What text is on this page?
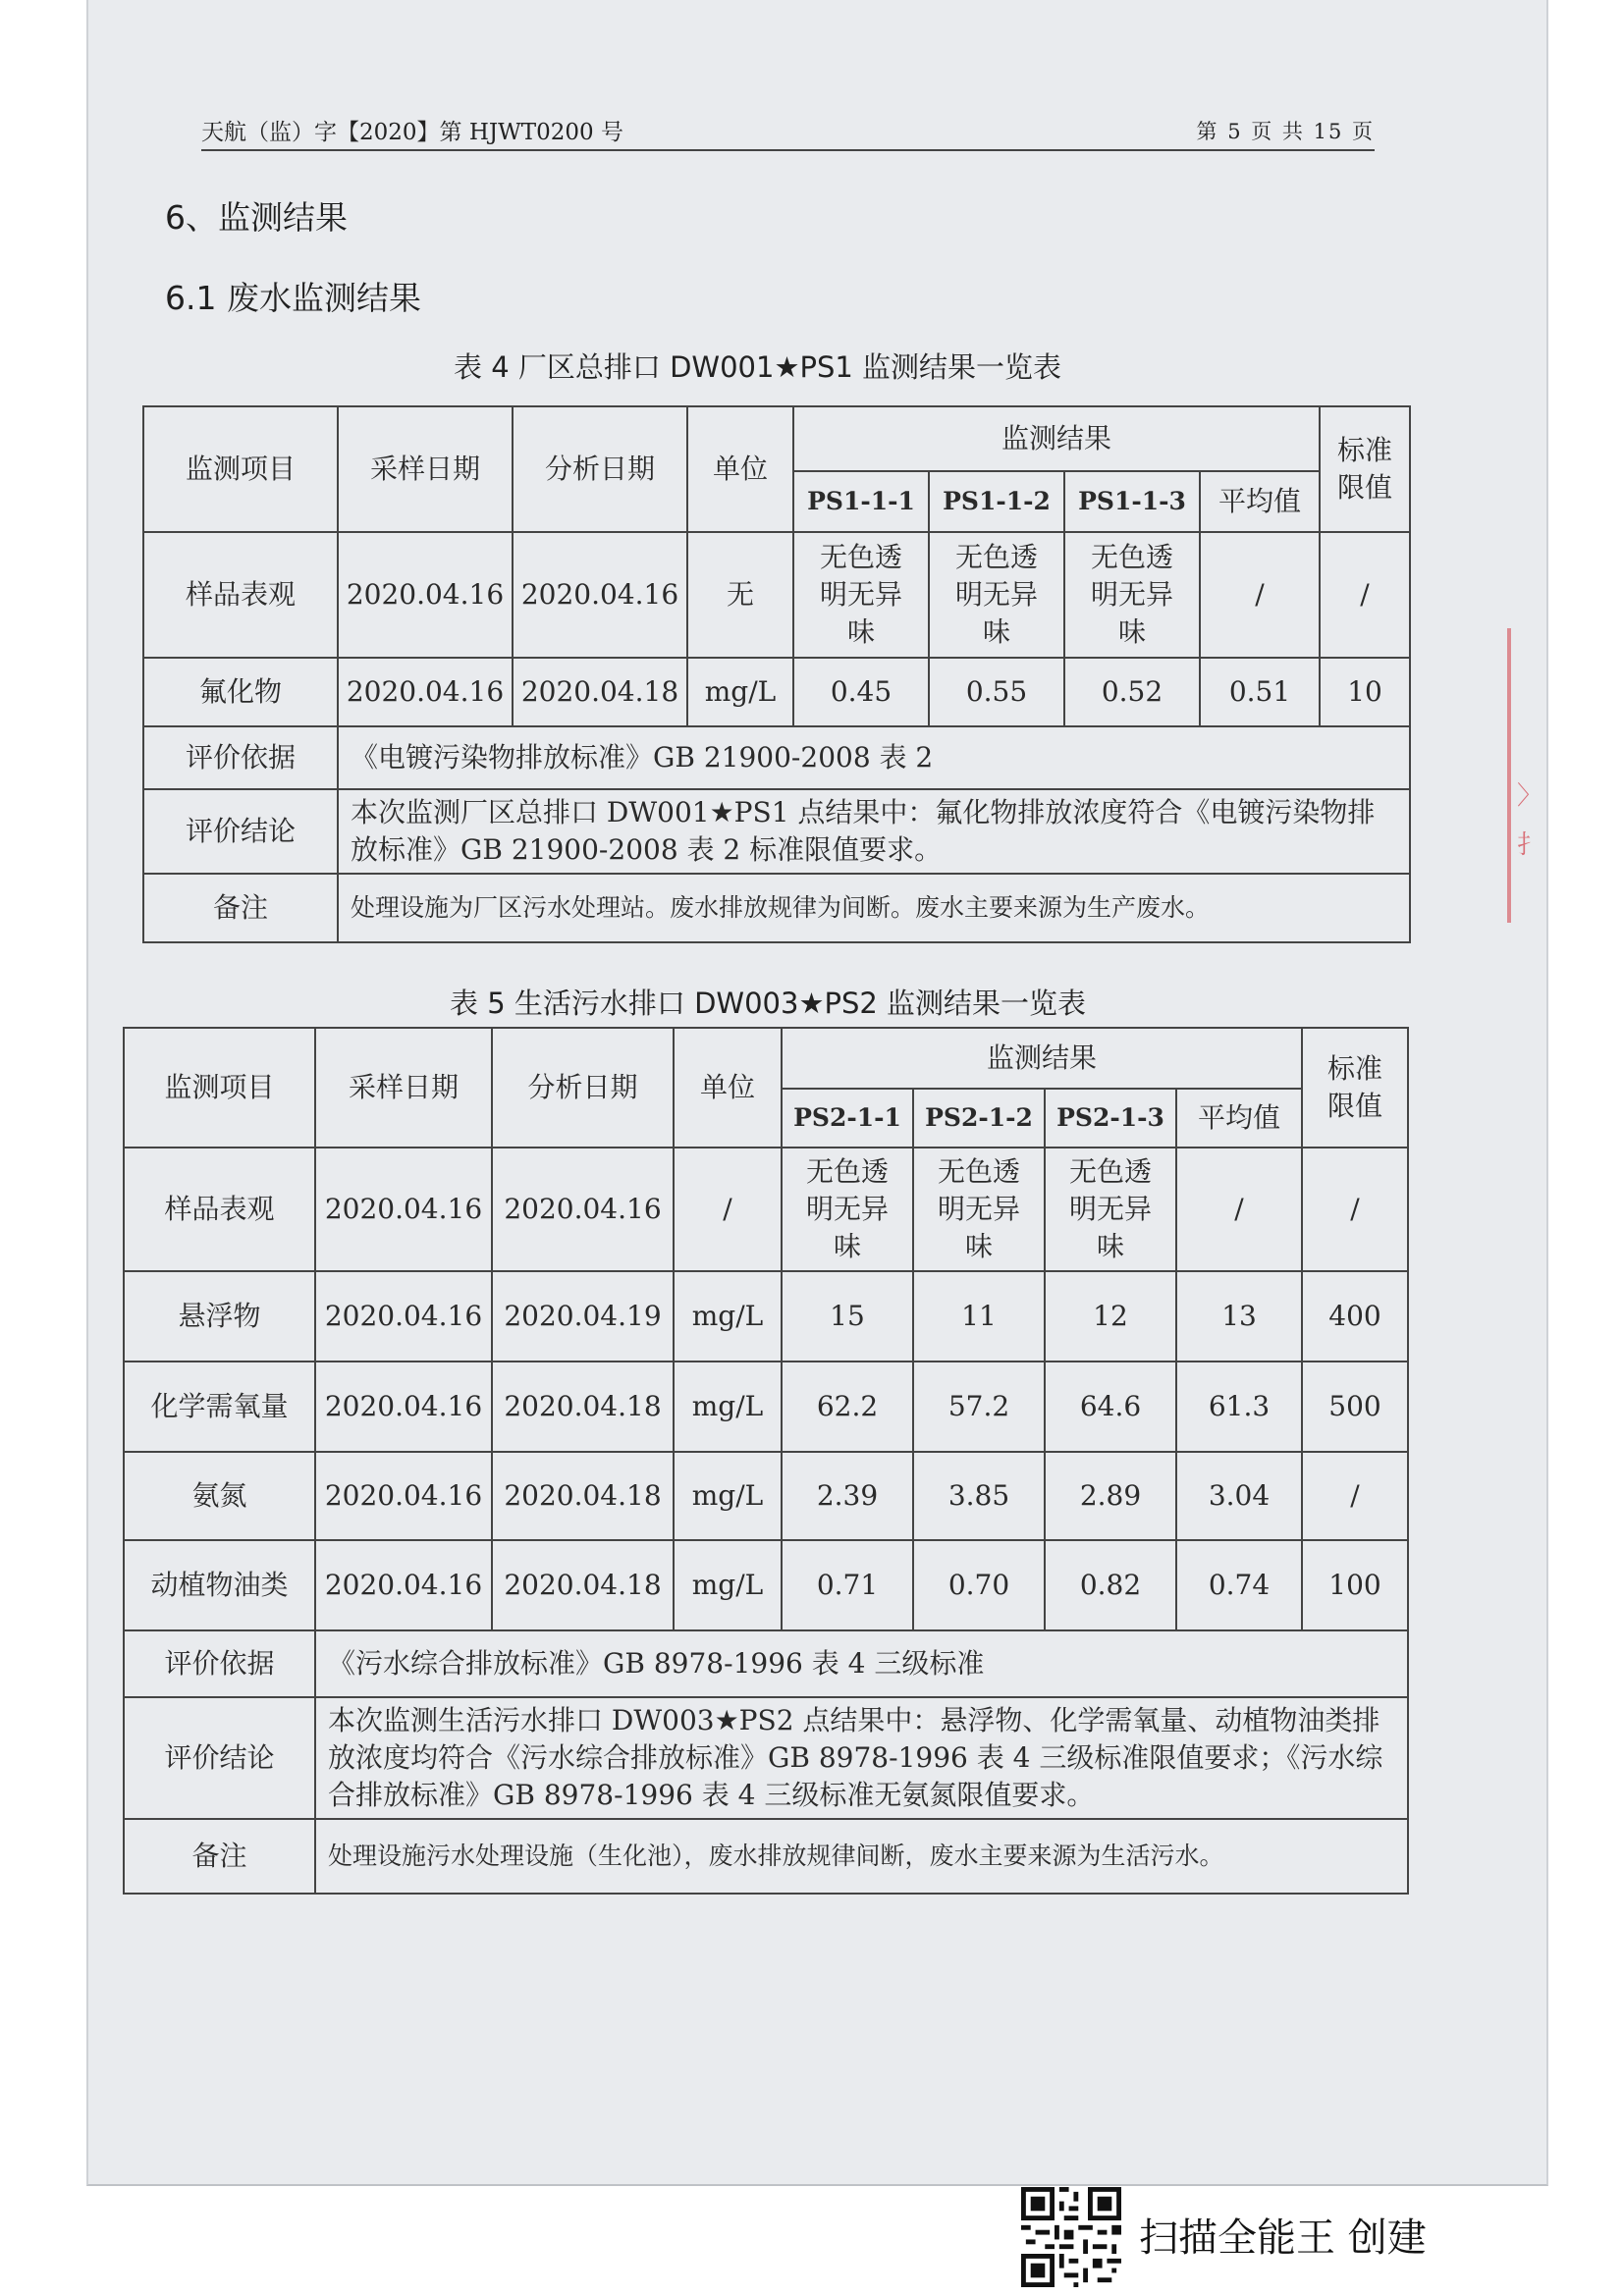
天航（监）字【2020】第 HJWT0200 号	第 5 页 共 15 页
6、监测结果
6.1 废水监测结果
表 4 厂区总排口 DW001★PS1 监测结果一览表
监测项目	采样日期	分析日期	单位	监测结果				标准限值
				PS1-1-1	PS1-1-2	PS1-1-3	平均值	
样品表观	2020.04.16	2020.04.16	无	无色透明无异味	无色透明无异味	无色透明无异味	/	/
氟化物	2020.04.16	2020.04.18	mg/L	0.45	0.55	0.52	0.51	10
评价依据	《电镀污染物排放标准》GB 21900-2008 表 2							
评价结论	本次监测厂区总排口 DW001★PS1 点结果中：氟化物排放浓度符合《电镀污染物排放标准》GB 21900-2008 表 2 标准限值要求。							
备注	处理设施为厂区污水处理站。废水排放规律为间断。废水主要来源为生产废水。							
表 5 生活污水排口 DW003★PS2 监测结果一览表
监测项目	采样日期	分析日期	单位	监测结果				标准限值
				PS2-1-1	PS2-1-2	PS2-1-3	平均值	
样品表观	2020.04.16	2020.04.16	/	无色透明无异味	无色透明无异味	无色透明无异味	/	/
悬浮物	2020.04.16	2020.04.19	mg/L	15	11	12	13	400
化学需氧量	2020.04.16	2020.04.18	mg/L	62.2	57.2	64.6	61.3	500
氨氮	2020.04.16	2020.04.18	mg/L	2.39	3.85	2.89	3.04	/
动植物油类	2020.04.16	2020.04.18	mg/L	0.71	0.70	0.82	0.74	100
评价依据	《污水综合排放标准》GB 8978-1996 表 4 三级标准							
评价结论	本次监测生活污水排口 DW003★PS2 点结果中：悬浮物、化学需氧量、动植物油类排放浓度均符合《污水综合排放标准》GB 8978-1996 表 4 三级标准限值要求；《污水综合排放标准》GB 8978-1996 表 4 三级标准无氨氮限值要求。							
备注	处理设施污水处理设施（生化池），废水排放规律间断，废水主要来源为生活污水。							
〉
扌
扫描全能王 创建
